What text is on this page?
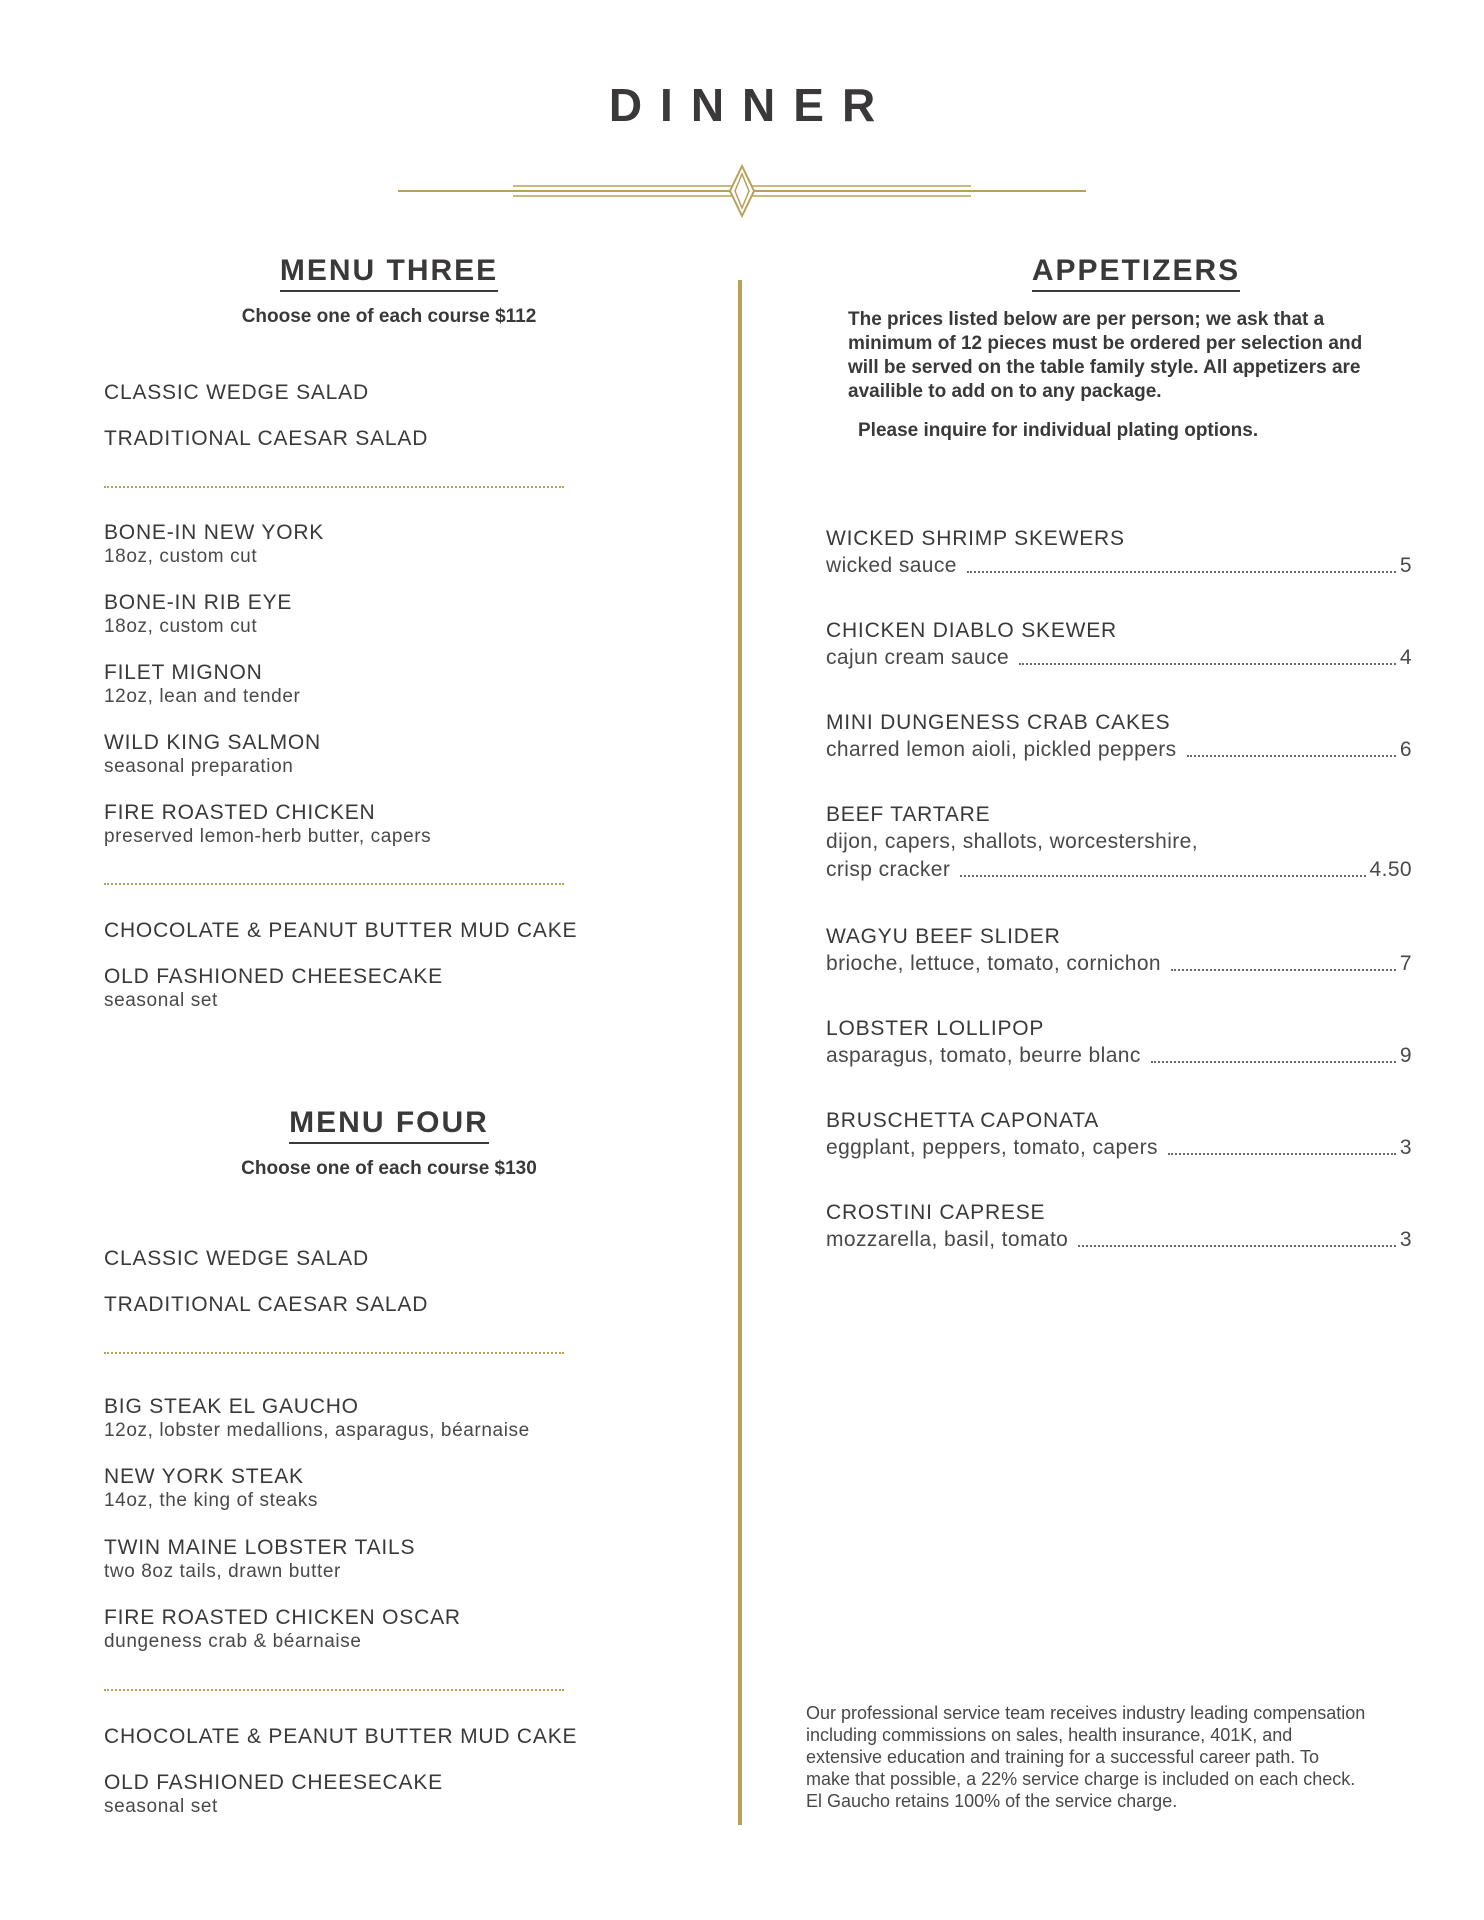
DINNER
MENU THREE
Choose one of each course $112
CLASSIC WEDGE SALAD
TRADITIONAL CAESAR SALAD
BONE-IN NEW YORK
18oz, custom cut
BONE-IN RIB EYE
18oz, custom cut
FILET MIGNON
12oz, lean and tender
WILD KING SALMON
seasonal preparation
FIRE ROASTED CHICKEN
preserved lemon-herb butter, capers
CHOCOLATE & PEANUT BUTTER MUD CAKE
OLD FASHIONED CHEESECAKE
seasonal set
MENU FOUR
Choose one of each course $130
CLASSIC WEDGE SALAD
TRADITIONAL CAESAR SALAD
BIG STEAK EL GAUCHO
12oz, lobster medallions, asparagus, béarnaise
NEW YORK STEAK
14oz, the king of steaks
TWIN MAINE LOBSTER TAILS
two 8oz tails, drawn butter
FIRE ROASTED CHICKEN OSCAR
dungeness crab & béarnaise
CHOCOLATE & PEANUT BUTTER MUD CAKE
OLD FASHIONED CHEESECAKE
seasonal set
APPETIZERS
The prices listed below are per person; we ask that a minimum of 12 pieces must be ordered per selection and will be served on the table family style. All appetizers are availible to add on to any package.
Please inquire for individual plating options.
WICKED SHRIMP SKEWERS
wicked sauce	5
CHICKEN DIABLO SKEWER
cajun cream sauce	4
MINI DUNGENESS CRAB CAKES
charred lemon aioli, pickled peppers	6
BEEF TARTARE
dijon, capers, shallots, worcestershire,
crisp cracker	4.50
WAGYU BEEF SLIDER
brioche, lettuce, tomato, cornichon	7
LOBSTER LOLLIPOP
asparagus, tomato, beurre blanc	9
BRUSCHETTA CAPONATA
eggplant, peppers, tomato, capers	3
CROSTINI CAPRESE
mozzarella, basil, tomato	3
Our professional service team receives industry leading compensation including commissions on sales, health insurance, 401K, and extensive education and training for a successful career path. To make that possible, a 22% service charge is included on each check. El Gaucho retains 100% of the service charge.
